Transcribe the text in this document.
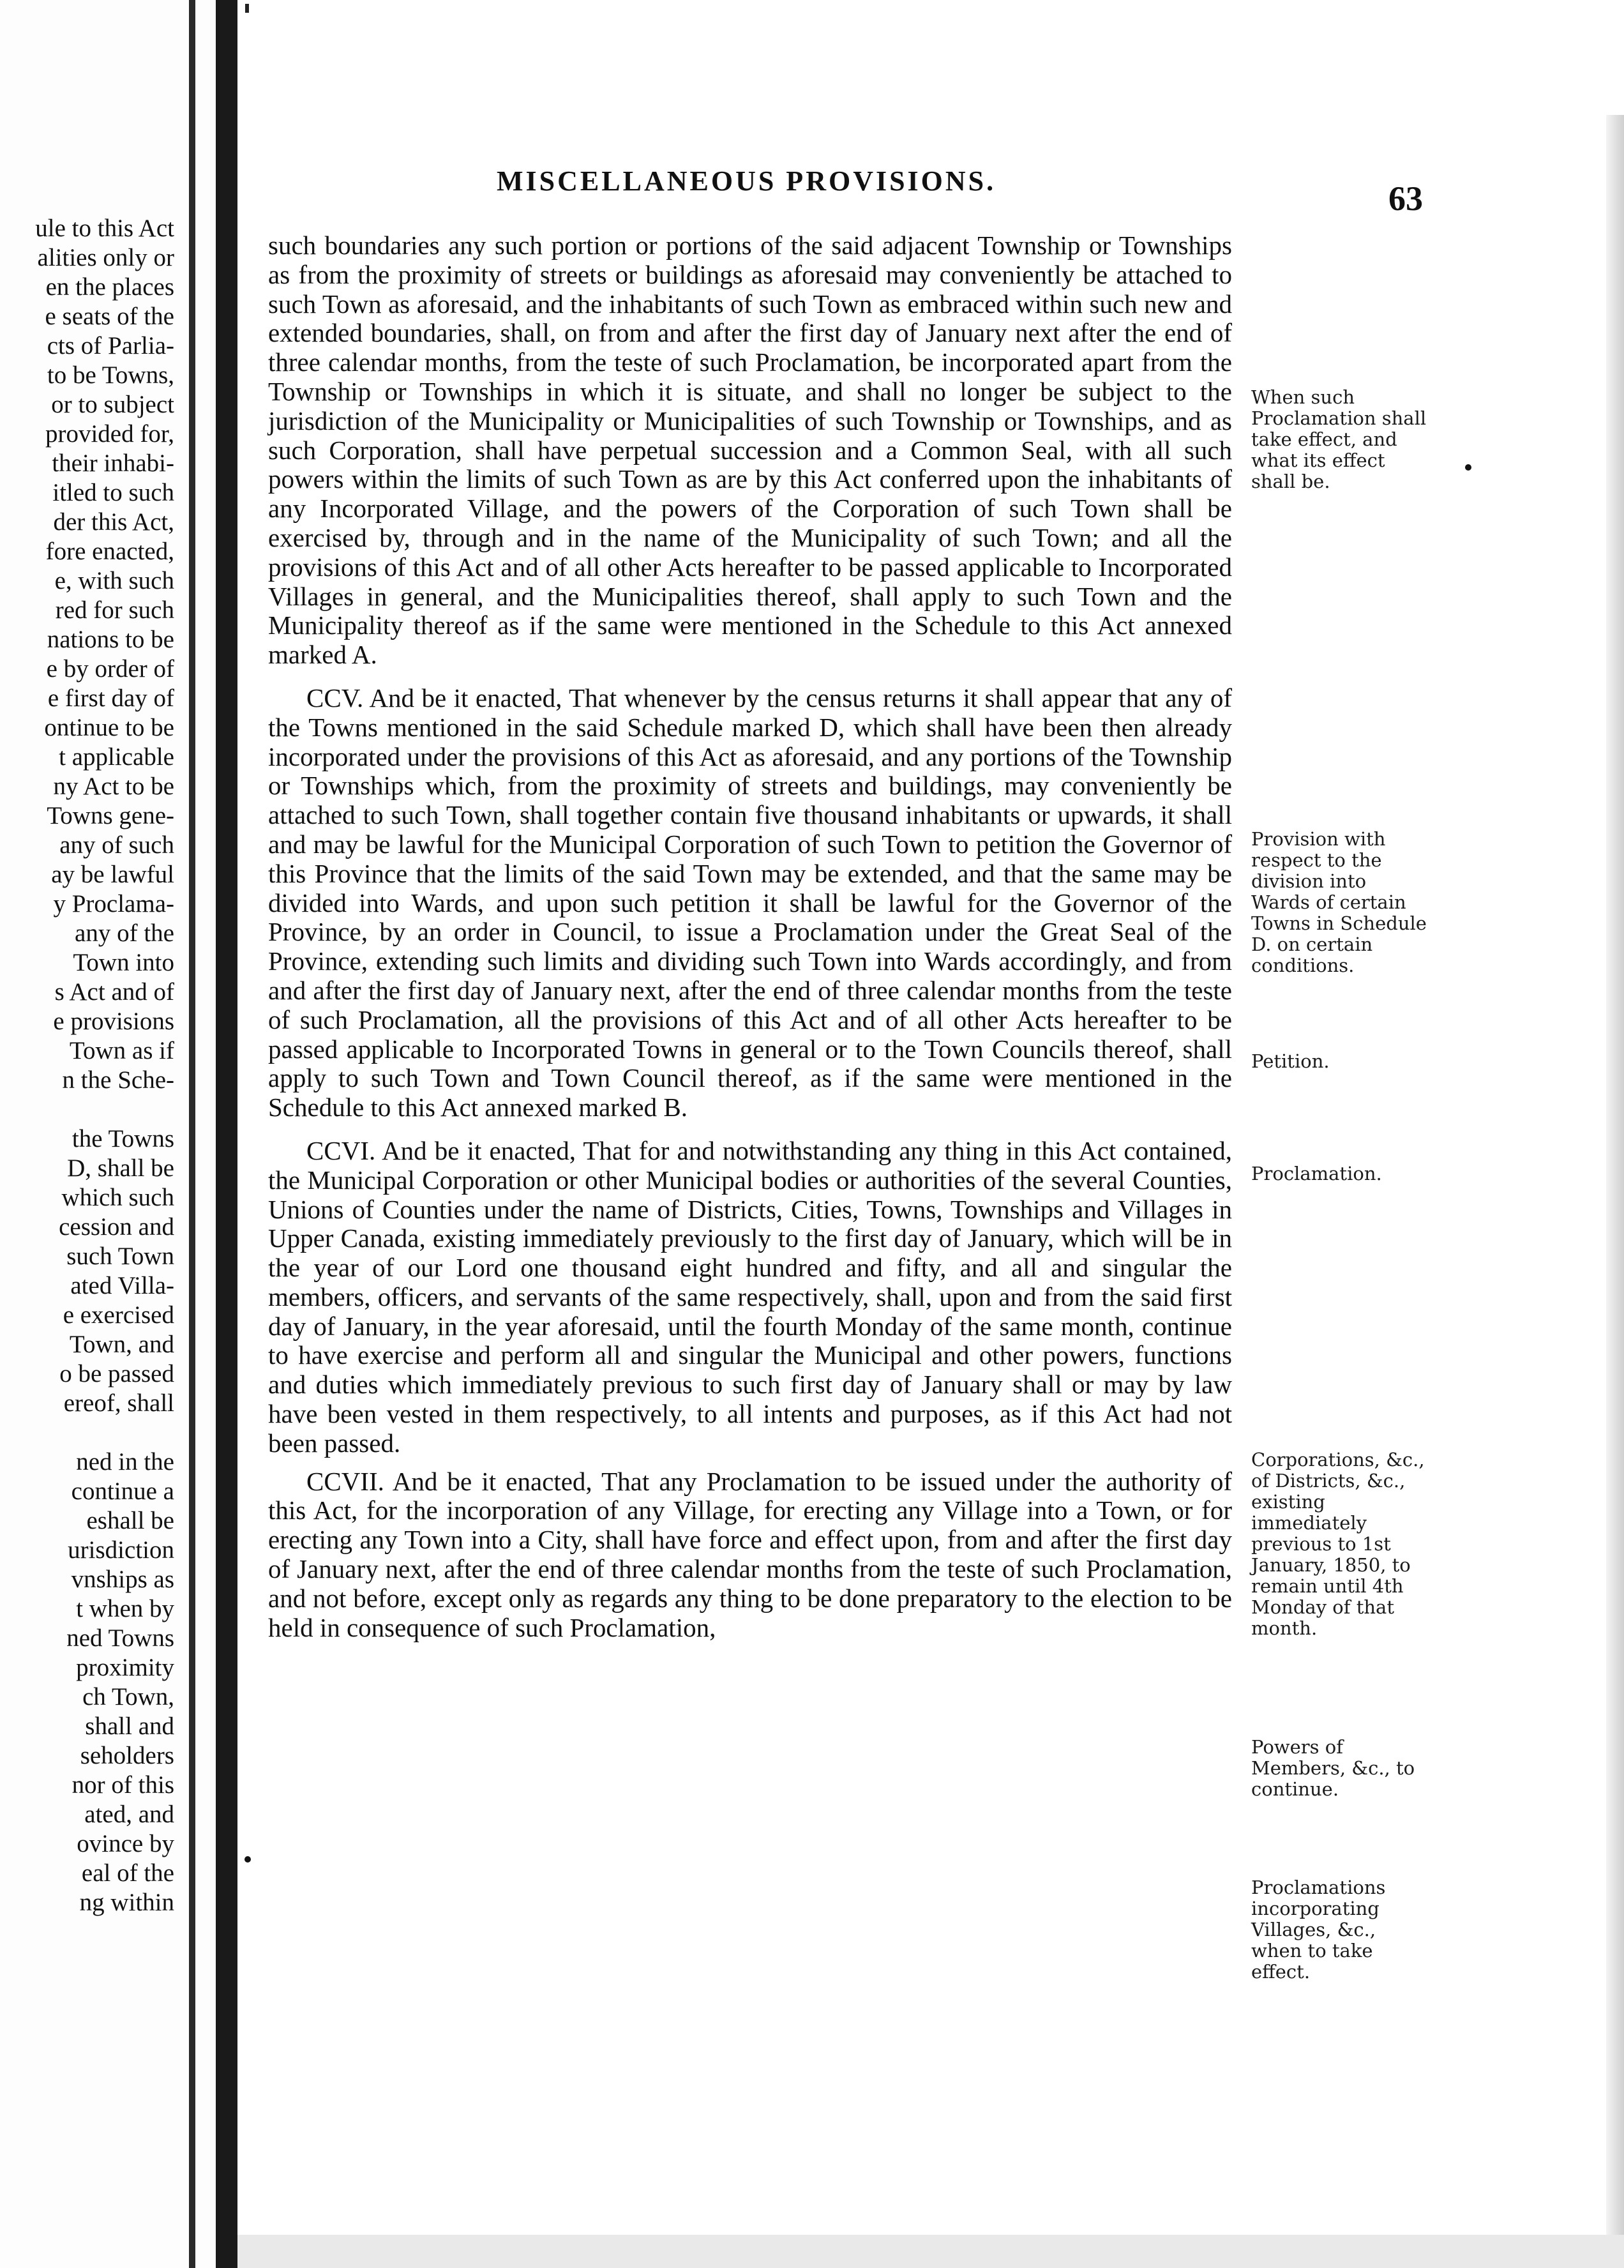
ule to this Act
alities only or
en the places
e seats of the
cts of Parlia-
to be Towns,
or to subject
provided for,
their inhabi-
itled to such
der this Act,
fore enacted,
e, with such
red for such
nations to be
e by order of
e first day of
ontinue to be
t applicable
ny Act to be
Towns gene-
any of such
ay be lawful
y Proclama-
any of the
Town into
s Act and of
e provisions
Town as if
n the Sche-
the Towns
D, shall be
which such
cession and
such Town
ated Villa-
e exercised
Town, and
o be passed
ereof, shall
ned in the
continue a
eshall be
urisdiction
vnships as
t when by
ned Towns
proximity
ch Town,
shall and
seholders
nor of this
ated, and
ovince by
eal of the
ng within
MISCELLANEOUS PROVISIONS.	63

such boundaries any such portion or portions of the said adjacent Township or Townships as from the proximity of streets or buildings as aforesaid may conveniently be attached to such Town as aforesaid, and the inhabitants of such Town as embraced within such new and extended boundaries, shall, on from and after the first day of January next after the end of three calendar months, from the teste of such Proclamation, be incorporated apart from the Township or Townships in which it is situate, and shall no longer be subject to the jurisdiction of the Municipality or Municipalities of such Township or Townships, and as such Corporation, shall have perpetual succession and a Common Seal, with all such powers within the limits of such Town as are by this Act conferred upon the inhabitants of any Incorporated Village, and the powers of the Corporation of such Town shall be exercised by, through and in the name of the Municipality of such Town; and all the provisions of this Act and of all other Acts hereafter to be passed applicable to Incorporated Villages in general, and the Municipalities thereof, shall apply to such Town and the Municipality thereof as if the same were mentioned in the Schedule to this Act annexed marked A.

CCV. And be it enacted, That whenever by the census returns it shall appear that any of the Towns mentioned in the said Schedule marked D, which shall have been then already incorporated under the provisions of this Act as aforesaid, and any portions of the Township or Townships which, from the proximity of streets and buildings, may conveniently be attached to such Town, shall together contain five thousand inhabitants or upwards, it shall and may be lawful for the Municipal Corporation of such Town to petition the Governor of this Province that the limits of the said Town may be extended, and that the same may be divided into Wards, and upon such petition it shall be lawful for the Governor of the Province, by an order in Council, to issue a Proclamation under the Great Seal of the Province, extending such limits and dividing such Town into Wards accordingly, and from and after the first day of January next, after the end of three calendar months from the teste of such Proclamation, all the provisions of this Act and of all other Acts hereafter to be passed applicable to Incorporated Towns in general or to the Town Councils thereof, shall apply to such Town and Town Council thereof, as if the same were mentioned in the Schedule to this Act annexed marked B.

CCVI. And be it enacted, That for and notwithstanding any thing in this Act contained, the Municipal Corporation or other Municipal bodies or authorities of the several Counties, Unions of Counties under the name of Districts, Cities, Towns, Townships and Villages in Upper Canada, existing immediately previously to the first day of January, which will be in the year of our Lord one thousand eight hundred and fifty, and all and singular the members, officers, and servants of the same respectively, shall, upon and from the said first day of January, in the year aforesaid, until the fourth Monday of the same month, continue to have exercise and perform all and singular the Municipal and other powers, functions and duties which immediately previous to such first day of January shall or may by law have been vested in them respectively, to all intents and purposes, as if this Act had not been passed.

CCVII. And be it enacted, That any Proclamation to be issued under the authority of this Act, for the incorporation of any Village, for erecting any Village into a Town, or for erecting any Town into a City, shall have force and effect upon, from and after the first day of January next, after the end of three calendar months from the teste of such Proclamation, and not before, except only as regards any thing to be done preparatory to the election to be held in consequence of such Proclamation,

When such Proclamation shall take effect, and what its effect shall be.
Provision with respect to the division into Wards of certain Towns in Schedule D. on certain conditions.
Petition.
Proclamation.
Corporations, &c., of Districts, &c., existing immediately previous to 1st January, 1850, to remain until 4th Monday of that month.
Powers of Members, &c., to continue.
Proclamations incorporating Villages, &c., when to take effect.
